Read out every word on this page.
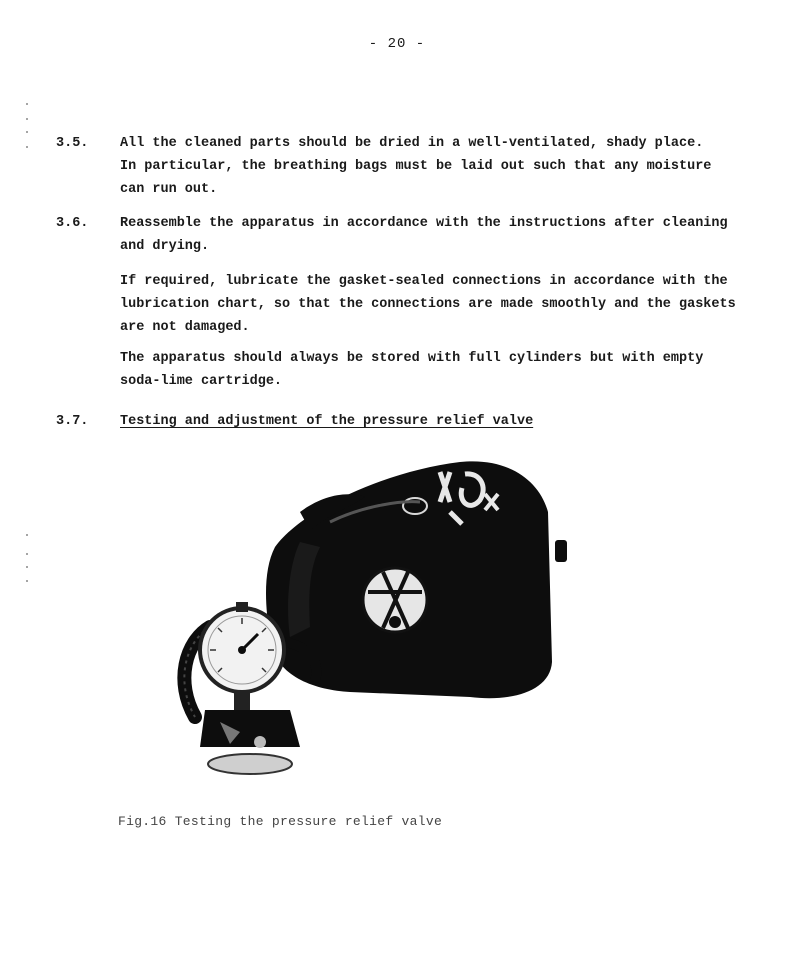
- 20 -
3.5. All the cleaned parts should be dried in a well-ventilated, shady place.
In particular, the breathing bags must be laid out such that any moisture
can run out.
3.6. Reassemble the apparatus in accordance with the instructions after cleaning
and drying.
If required, lubricate the gasket-sealed connections in accordance with the
lubrication chart, so that the connections are made smoothly and the gaskets
are not damaged.
The apparatus should always be stored with full cylinders but with empty
soda-lime cartridge.
3.7. Testing and adjustment of the pressure relief valve
Fig.16 Testing the pressure relief valve
